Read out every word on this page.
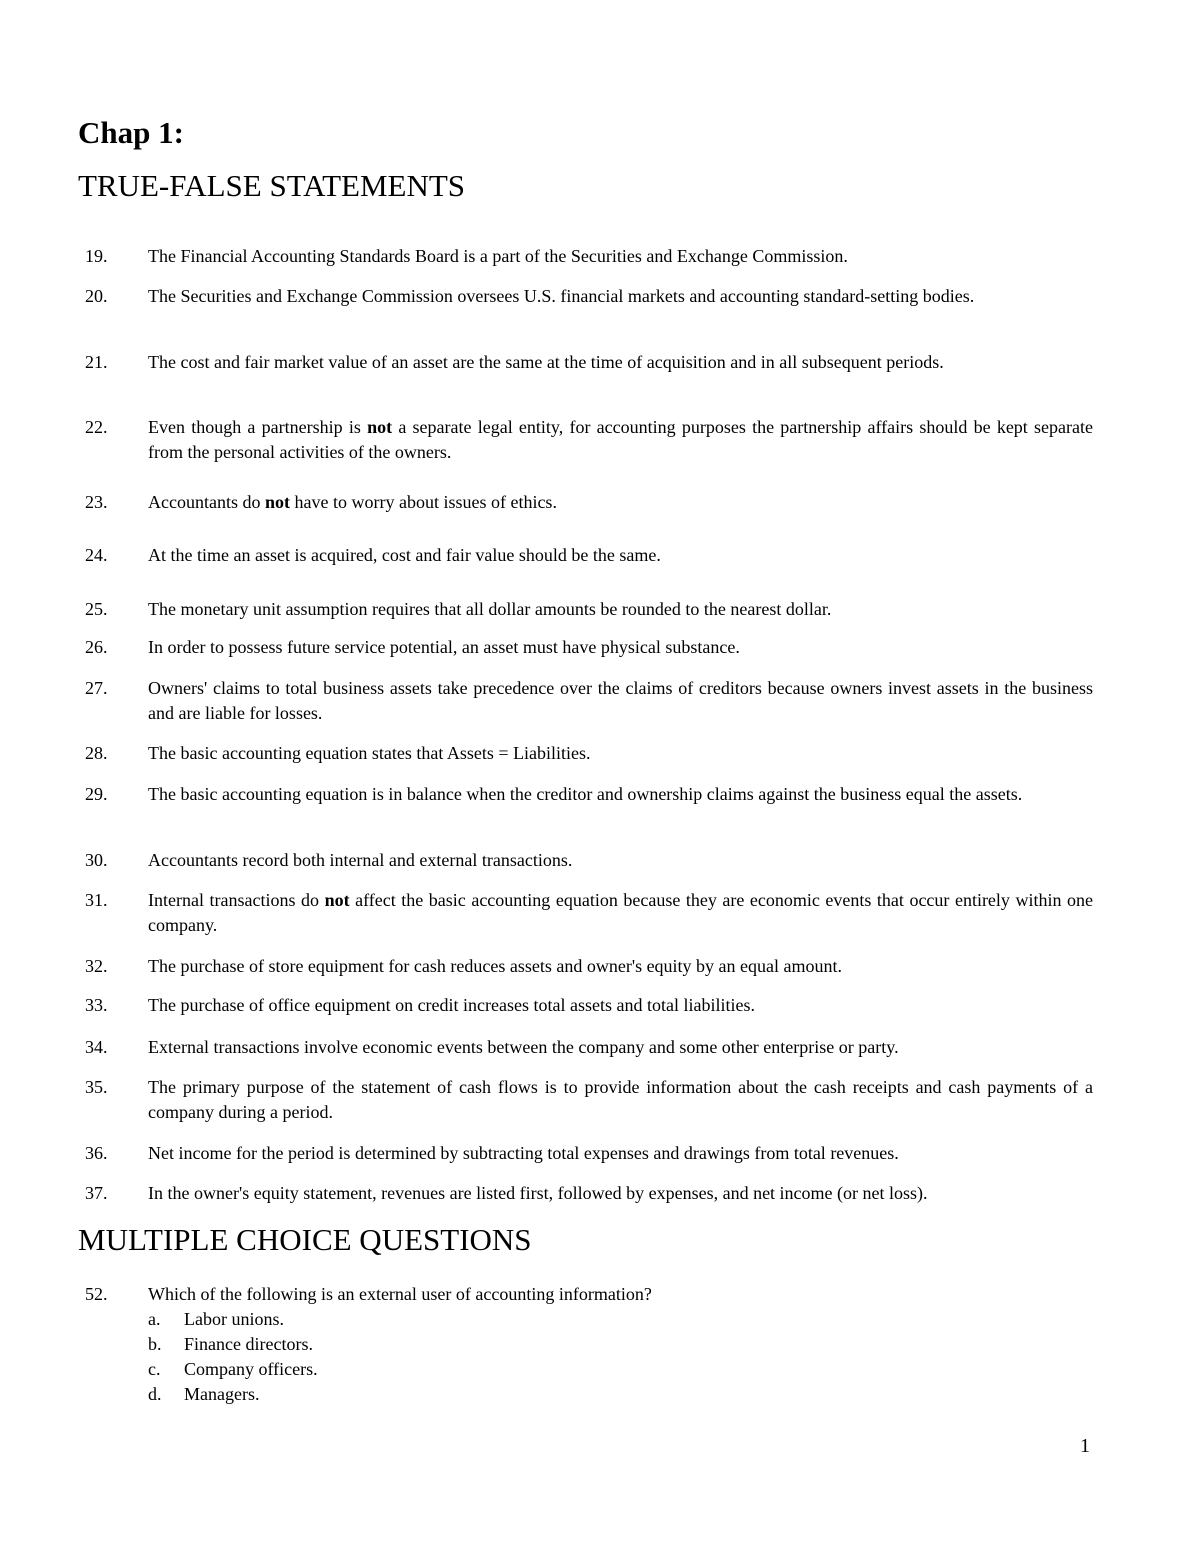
Chap 1:
TRUE-FALSE STATEMENTS
19.	The Financial Accounting Standards Board is a part of the Securities and Exchange Commission.
20.	The Securities and Exchange Commission oversees U.S. financial markets and accounting standard-setting bodies.
21.	The cost and fair market value of an asset are the same at the time of acquisition and in all subsequent periods.
22.	Even though a partnership is not a separate legal entity, for accounting purposes the partnership affairs should be kept separate from the personal activities of the owners.
23.	Accountants do not have to worry about issues of ethics.
24.	At the time an asset is acquired, cost and fair value should be the same.
25.	The monetary unit assumption requires that all dollar amounts be rounded to the nearest dollar.
26.	In order to possess future service potential, an asset must have physical substance.
27.	Owners' claims to total business assets take precedence over the claims of creditors because owners invest assets in the business and are liable for losses.
28.	The basic accounting equation states that Assets = Liabilities.
29.	The basic accounting equation is in balance when the creditor and ownership claims against the business equal the assets.
30.	Accountants record both internal and external transactions.
31.	Internal transactions do not affect the basic accounting equation because they are economic events that occur entirely within one company.
32.	The purchase of store equipment for cash reduces assets and owner's equity by an equal amount.
33.	The purchase of office equipment on credit increases total assets and total liabilities.
34.	External transactions involve economic events between the company and some other enterprise or party.
35.	The primary purpose of the statement of cash flows is to provide information about the cash receipts and cash payments of a company during a period.
36.	Net income for the period is determined by subtracting total expenses and drawings from total revenues.
37.	In the owner's equity statement, revenues are listed first, followed by expenses, and net income (or net loss).
MULTIPLE CHOICE QUESTIONS
52.	Which of the following is an external user of accounting information?
a. Labor unions.
b. Finance directors.
c. Company officers.
d. Managers.
1
